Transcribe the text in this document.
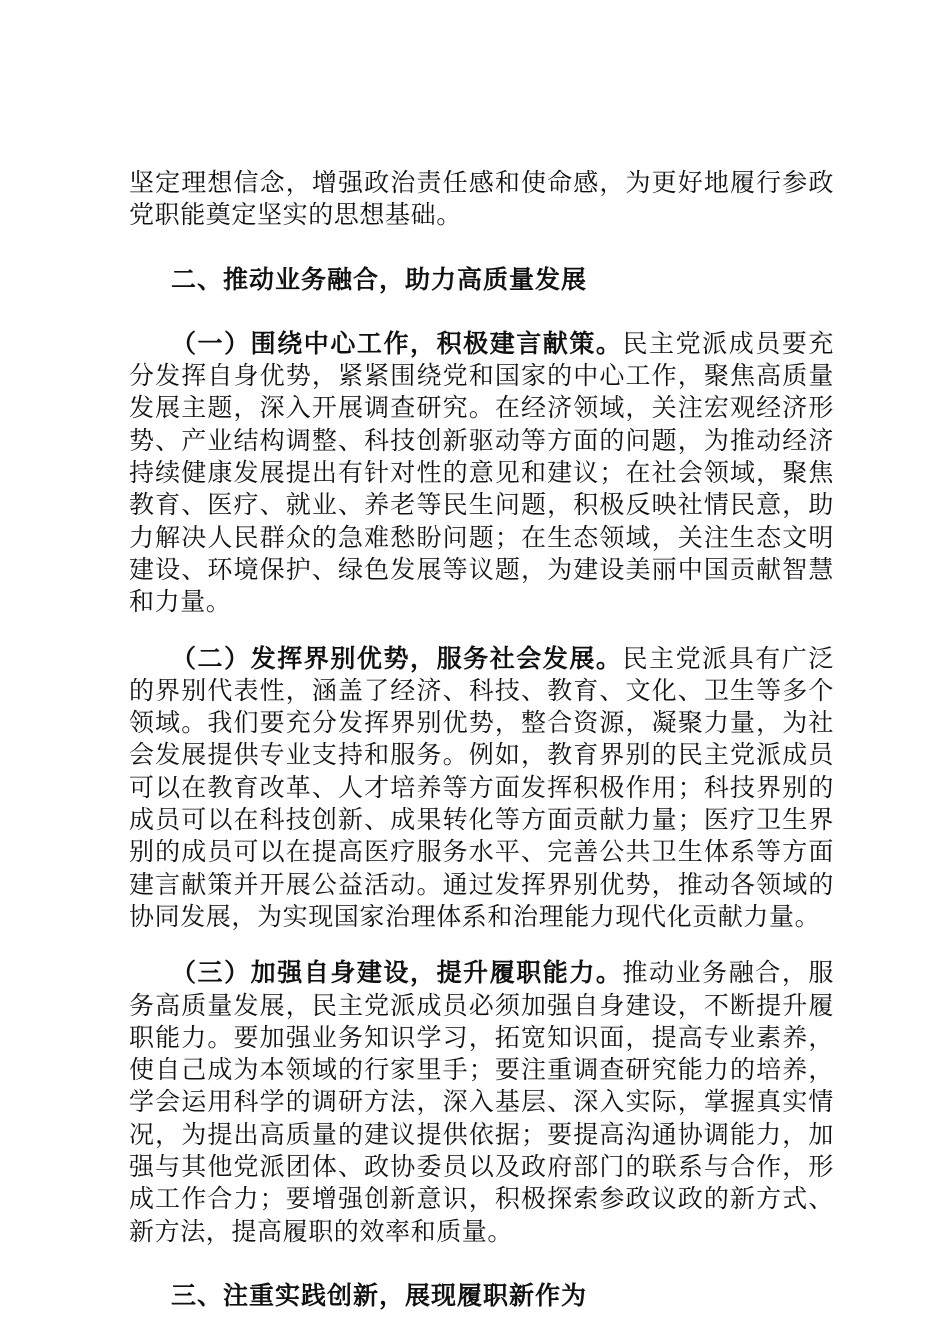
坚定理想信念，增强政治责任感和使命感，为更好地履行参政党职能奠定坚实的思想基础。

二、推动业务融合，助力高质量发展

（一）围绕中心工作，积极建言献策。民主党派成员要充分发挥自身优势，紧紧围绕党和国家的中心工作，聚焦高质量发展主题，深入开展调查研究。在经济领域，关注宏观经济形势、产业结构调整、科技创新驱动等方面的问题，为推动经济持续健康发展提出有针对性的意见和建议；在社会领域，聚焦教育、医疗、就业、养老等民生问题，积极反映社情民意，助力解决人民群众的急难愁盼问题；在生态领域，关注生态文明建设、环境保护、绿色发展等议题，为建设美丽中国贡献智慧和力量。

（二）发挥界别优势，服务社会发展。民主党派具有广泛的界别代表性，涵盖了经济、科技、教育、文化、卫生等多个领域。我们要充分发挥界别优势，整合资源，凝聚力量，为社会发展提供专业支持和服务。例如，教育界别的民主党派成员可以在教育改革、人才培养等方面发挥积极作用；科技界别的成员可以在科技创新、成果转化等方面贡献力量；医疗卫生界别的成员可以在提高医疗服务水平、完善公共卫生体系等方面建言献策并开展公益活动。通过发挥界别优势，推动各领域的协同发展，为实现国家治理体系和治理能力现代化贡献力量。

（三）加强自身建设，提升履职能力。推动业务融合，服务高质量发展，民主党派成员必须加强自身建设，不断提升履职能力。要加强业务知识学习，拓宽知识面，提高专业素养，使自己成为本领域的行家里手；要注重调查研究能力的培养，学会运用科学的调研方法，深入基层、深入实际，掌握真实情况，为提出高质量的建议提供依据；要提高沟通协调能力，加强与其他党派团体、政协委员以及政府部门的联系与合作，形成工作合力；要增强创新意识，积极探索参政议政的新方式、新方法，提高履职的效率和质量。

三、注重实践创新，展现履职新作为
